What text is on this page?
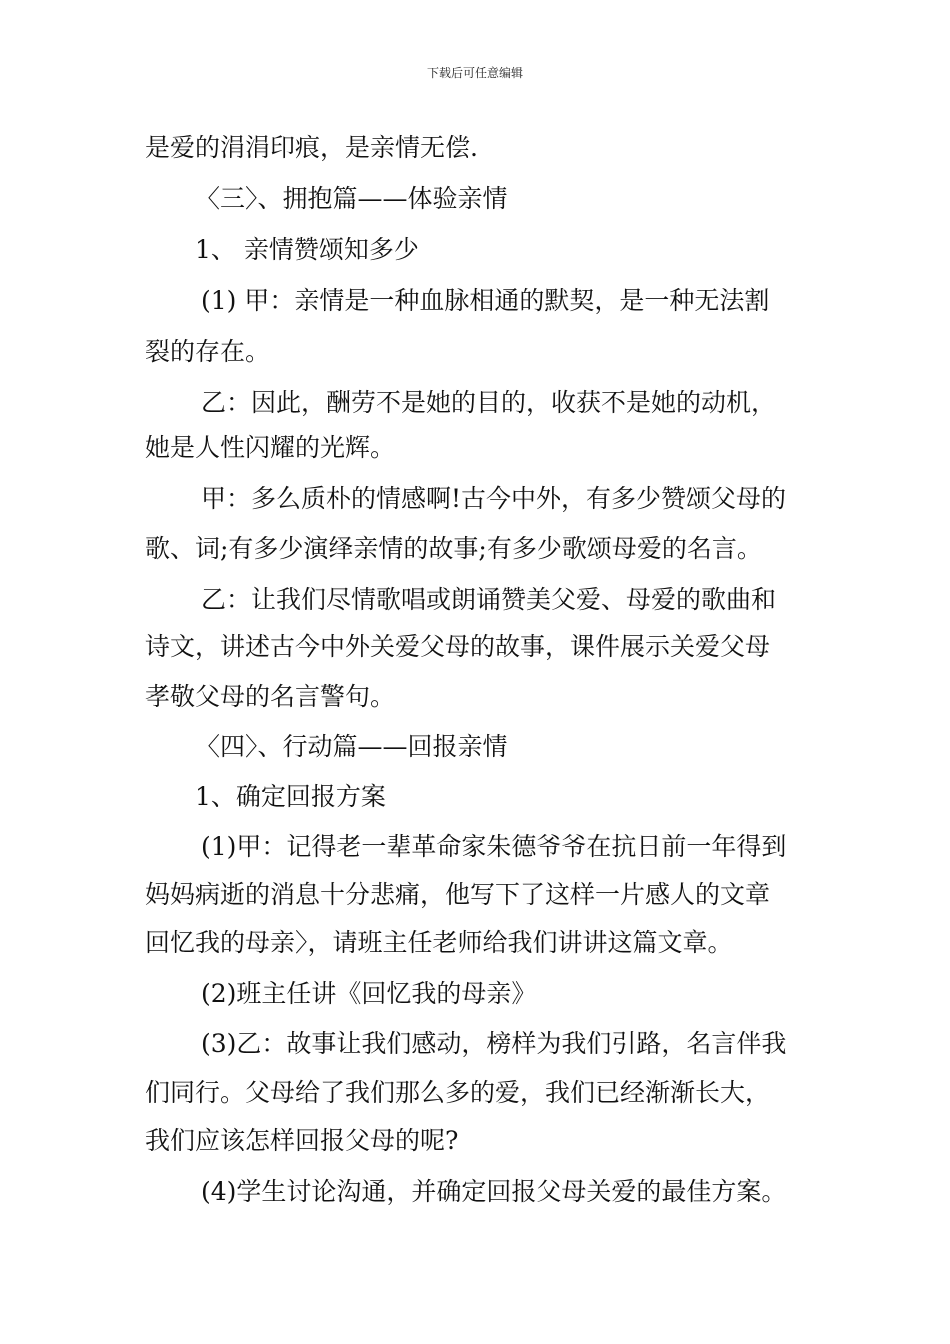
下载后可任意编辑
是爱的涓涓印痕，是亲情无偿.
〈三〉、拥抱篇——体验亲情
1、 亲情赞颂知多少
(1) 甲：亲情是一种血脉相通的默契，是一种无法割
裂的存在。
乙：因此，酬劳不是她的目的，收获不是她的动机，
她是人性闪耀的光辉。
甲：多么质朴的情感啊!古今中外，有多少赞颂父母的
歌、词;有多少演绎亲情的故事;有多少歌颂母爱的名言。
乙：让我们尽情歌唱或朗诵赞美父爱、母爱的歌曲和
诗文，讲述古今中外关爱父母的故事，课件展示关爱父母
孝敬父母的名言警句。
〈四〉、行动篇——回报亲情
1、确定回报方案
(1)甲：记得老一辈革命家朱德爷爷在抗日前一年得到
妈妈病逝的消息十分悲痛，他写下了这样一片感人的文章
回忆我的母亲〉，请班主任老师给我们讲讲这篇文章。
(2)班主任讲《回忆我的母亲》
(3)乙：故事让我们感动，榜样为我们引路，名言伴我
们同行。父母给了我们那么多的爱，我们已经渐渐长大，
我们应该怎样回报父母的呢?
(4)学生讨论沟通，并确定回报父母关爱的最佳方案。
